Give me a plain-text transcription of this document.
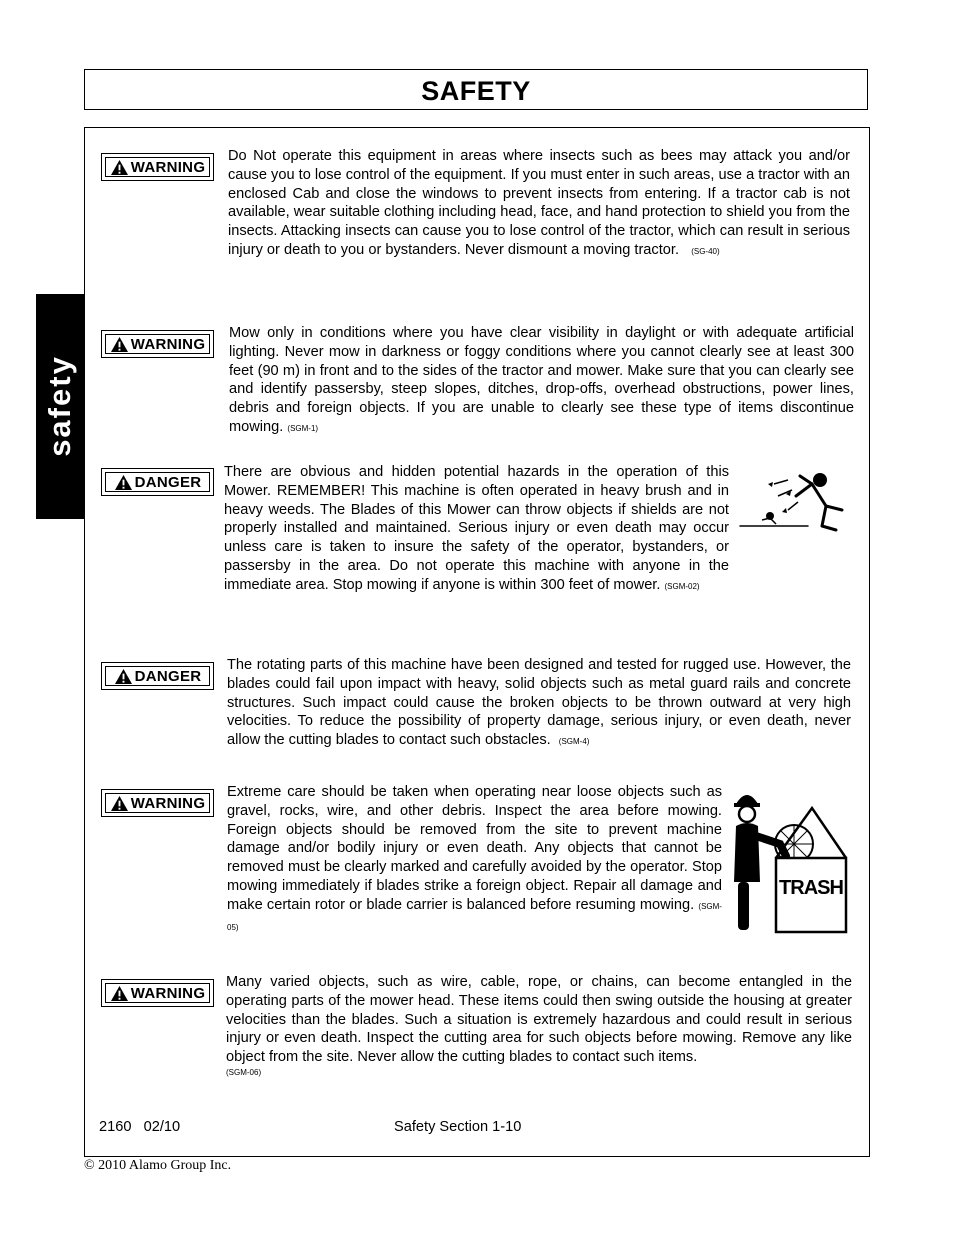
SAFETY
safety
WARNING

Do Not operate this equipment in areas where insects such as bees may attack you and/or cause you to lose control of the equipment. If you must enter in such areas, use a tractor with an enclosed Cab and close the windows to prevent insects from entering. If a tractor cab is not available, wear suitable clothing including head, face, and hand protection to shield you from the insects. Attacking insects can cause you to lose control of the tractor, which can result in serious injury or death to you or bystanders. Never dismount a moving tractor. (SG-40)

WARNING

Mow only in conditions where you have clear visibility in daylight or with adequate artificial lighting. Never mow in darkness or foggy conditions where you cannot clearly see at least 300 feet (90 m) in front and to the sides of the tractor and mower. Make sure that you can clearly see and identify passersby, steep slopes, ditches, drop-offs, overhead obstructions, power lines, debris and foreign objects. If you are unable to clearly see these type of items discontinue mowing. (SGM-1)

DANGER

There are obvious and hidden potential hazards in the operation of this Mower. REMEMBER! This machine is often operated in heavy brush and in heavy weeds. The Blades of this Mower can throw objects if shields are not properly installed and maintained. Serious injury or even death may occur unless care is taken to insure the safety of the operator, bystanders, or passersby in the area. Do not operate this machine with anyone in the immediate area. Stop mowing if anyone is within 300 feet of mower. (SGM-02)

DANGER

The rotating parts of this machine have been designed and tested for rugged use. However, the blades could fail upon impact with heavy, solid objects such as metal guard rails and concrete structures. Such impact could cause the broken objects to be thrown outward at very high velocities. To reduce the possibility of property damage, serious injury, or even death, never allow the cutting blades to contact such obstacles. (SGM-4)

WARNING

Extreme care should be taken when operating near loose objects such as gravel, rocks, wire, and other debris. Inspect the area before mowing. Foreign objects should be removed from the site to prevent machine damage and/or bodily injury or even death. Any objects that cannot be removed must be clearly marked and carefully avoided by the operator. Stop mowing immediately if blades strike a foreign object. Repair all damage and make certain rotor or blade carrier is balanced before resuming mowing. (SGM-05)

TRASH
WARNING

Many varied objects, such as wire, cable, rope, or chains, can become entangled in the operating parts of the mower head. These items could then swing outside the housing at greater velocities than the blades. Such a situation is extremely hazardous and could result in serious injury or even death. Inspect the cutting area for such objects before mowing. Remove any like object from the site. Never allow the cutting blades to contact such items.

(SGM-06)
2160   02/10	Safety Section 1-10
© 2010 Alamo Group Inc.
